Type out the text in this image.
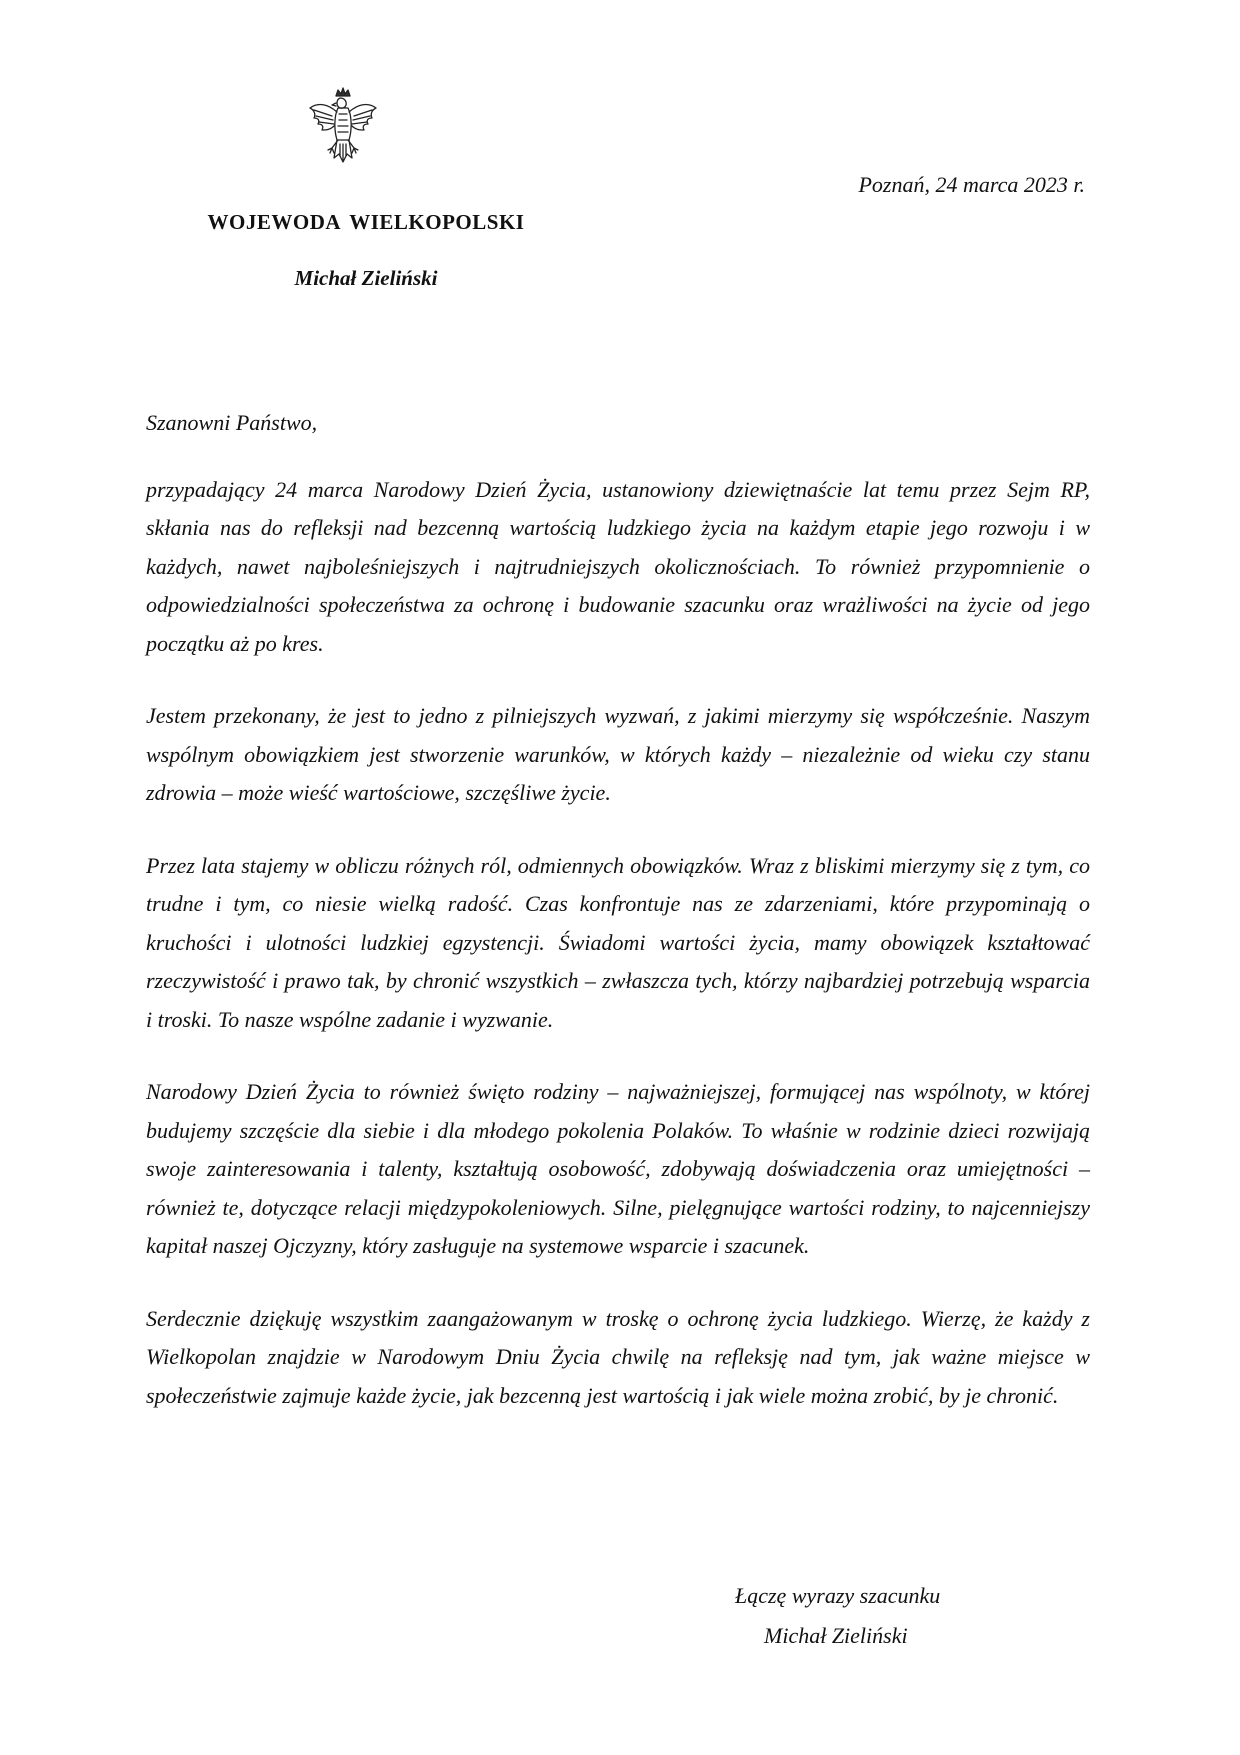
WOJEWODA WIELKOPOLSKI
Michał Zieliński
Poznań, 24 marca 2023 r.

Szanowni Państwo,

przypadający 24 marca Narodowy Dzień Życia, ustanowiony dziewiętnaście lat temu przez Sejm RP, skłania nas do refleksji nad bezcenną wartością ludzkiego życia na każdym etapie jego rozwoju i w każdych, nawet najboleśniejszych i najtrudniejszych okolicznościach. To również przypomnienie o odpowiedzialności społeczeństwa za ochronę i budowanie szacunku oraz wrażliwości na życie od jego początku aż po kres.

Jestem przekonany, że jest to jedno z pilniejszych wyzwań, z jakimi mierzymy się współcześnie. Naszym wspólnym obowiązkiem jest stworzenie warunków, w których każdy – niezależnie od wieku czy stanu zdrowia – może wieść wartościowe, szczęśliwe życie.

Przez lata stajemy w obliczu różnych ról, odmiennych obowiązków. Wraz z bliskimi mierzymy się z tym, co trudne i tym, co niesie wielką radość. Czas konfrontuje nas ze zdarzeniami, które przypominają o kruchości i ulotności ludzkiej egzystencji. Świadomi wartości życia, mamy obowiązek kształtować rzeczywistość i prawo tak, by chronić wszystkich – zwłaszcza tych, którzy najbardziej potrzebują wsparcia i troski. To nasze wspólne zadanie i wyzwanie.

Narodowy Dzień Życia to również święto rodziny – najważniejszej, formującej nas wspólnoty, w której budujemy szczęście dla siebie i dla młodego pokolenia Polaków. To właśnie w rodzinie dzieci rozwijają swoje zainteresowania i talenty, kształtują osobowość, zdobywają doświadczenia oraz umiejętności – również te, dotyczące relacji międzypokoleniowych. Silne, pielęgnujące wartości rodziny, to najcenniejszy kapitał naszej Ojczyzny, który zasługuje na systemowe wsparcie i szacunek.

Serdecznie dziękuję wszystkim zaangażowanym w troskę o ochronę życia ludzkiego. Wierzę, że każdy z Wielkopolan znajdzie w Narodowym Dniu Życia chwilę na refleksję nad tym, jak ważne miejsce w społeczeństwie zajmuje każde życie, jak bezcenną jest wartością i jak wiele można zrobić, by je chronić.

Łączę wyrazy szacunku
Michał Zieliński
